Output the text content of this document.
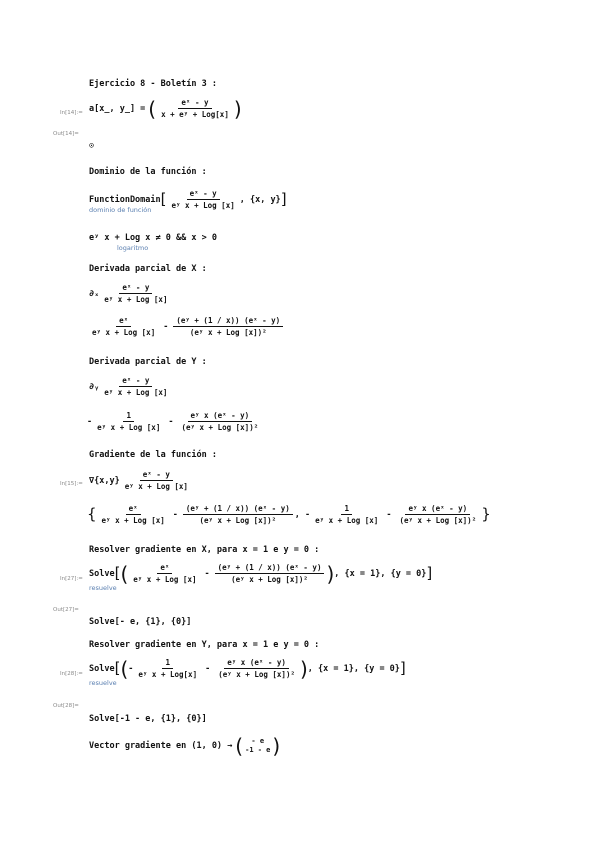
Ejercicio 8 - Boletín 3 :
In[14]:= a[x_, y_] = ( $\frac{\text{eˣ - y}}{\text{x + eʸ + Log[x]}}$ )
Out[14]=
⊙
Dominio de la función :
FunctionDomain [ $\frac{\text{eˣ - y}}{\text{eʸ x + Log [x]}}$ , {x, y} ]
dominio de función
eʸ x + Log x ≠ 0 && x > 0
logaritmo
Derivada parcial de X :
$\partial_x \frac{\text{eˣ - y}}{\text{eʸ x + Log [x]}}$
$\frac{\text{eˣ}}{\text{eʸ x + Log [x]}} - \frac{\text{(eʸ + (1 / x)) (eˣ - y)}}{\text{(eʸ x + Log [x])²}}$
Derivada parcial de Y :
∂ᵧ $\frac{\text{eˣ - y}}{\text{eʸ x + Log [x]}}$
- $\frac{1}{\text{eʸ x + Log [x]}} - \frac{\text{eʸ x (eˣ - y)}}{\text{(eʸ x + Log [x])²}}$
Gradiente de la función :
In[15]:= $\nabla\{x,y\} \frac{\text{eˣ - y}}{\text{eʸ x + Log [x]}}$
{ $\frac{\text{eˣ}}{\text{eʸ x + Log [x]}} - \frac{\text{(eʸ + (1 / x)) (eˣ - y)}}{\text{(eʸ x + Log [x])²}}$ , - $\frac{1}{\text{eʸ x + Log [x]}} - \frac{\text{eʸ x (eˣ - y)}}{\text{(eʸ x + Log [x])²}}$ }
Resolver gradiente en X, para x = 1 e y = 0 :
In[27]:=
Solve [ ( $\frac{\text{eˣ}}{\text{eʸ x + Log [x]}} - \frac{\text{(eʸ + (1 / x)) (eˣ - y)}}{\text{(eʸ x + Log [x])²}}$ ) , {x = 1}, {y = 0} ]
resuelve
Out[27]=
Solve[- e, {1}, {0}]
Resolver gradiente en Y, para x = 1 e y = 0 :
In[28]:=
Solve [ ( - $\frac{1}{\text{eʸ x + Log[x]}} - \frac{\text{eʸ x (eˣ - y)}}{\text{(eʸ x + Log [x])²}}$ ) , {x = 1}, {y = 0} ]
resuelve
Out[28]=
Solve[-1 - e, {1}, {0}]
Vector gradiente en (1, 0) → ( - e
-1 - e )
